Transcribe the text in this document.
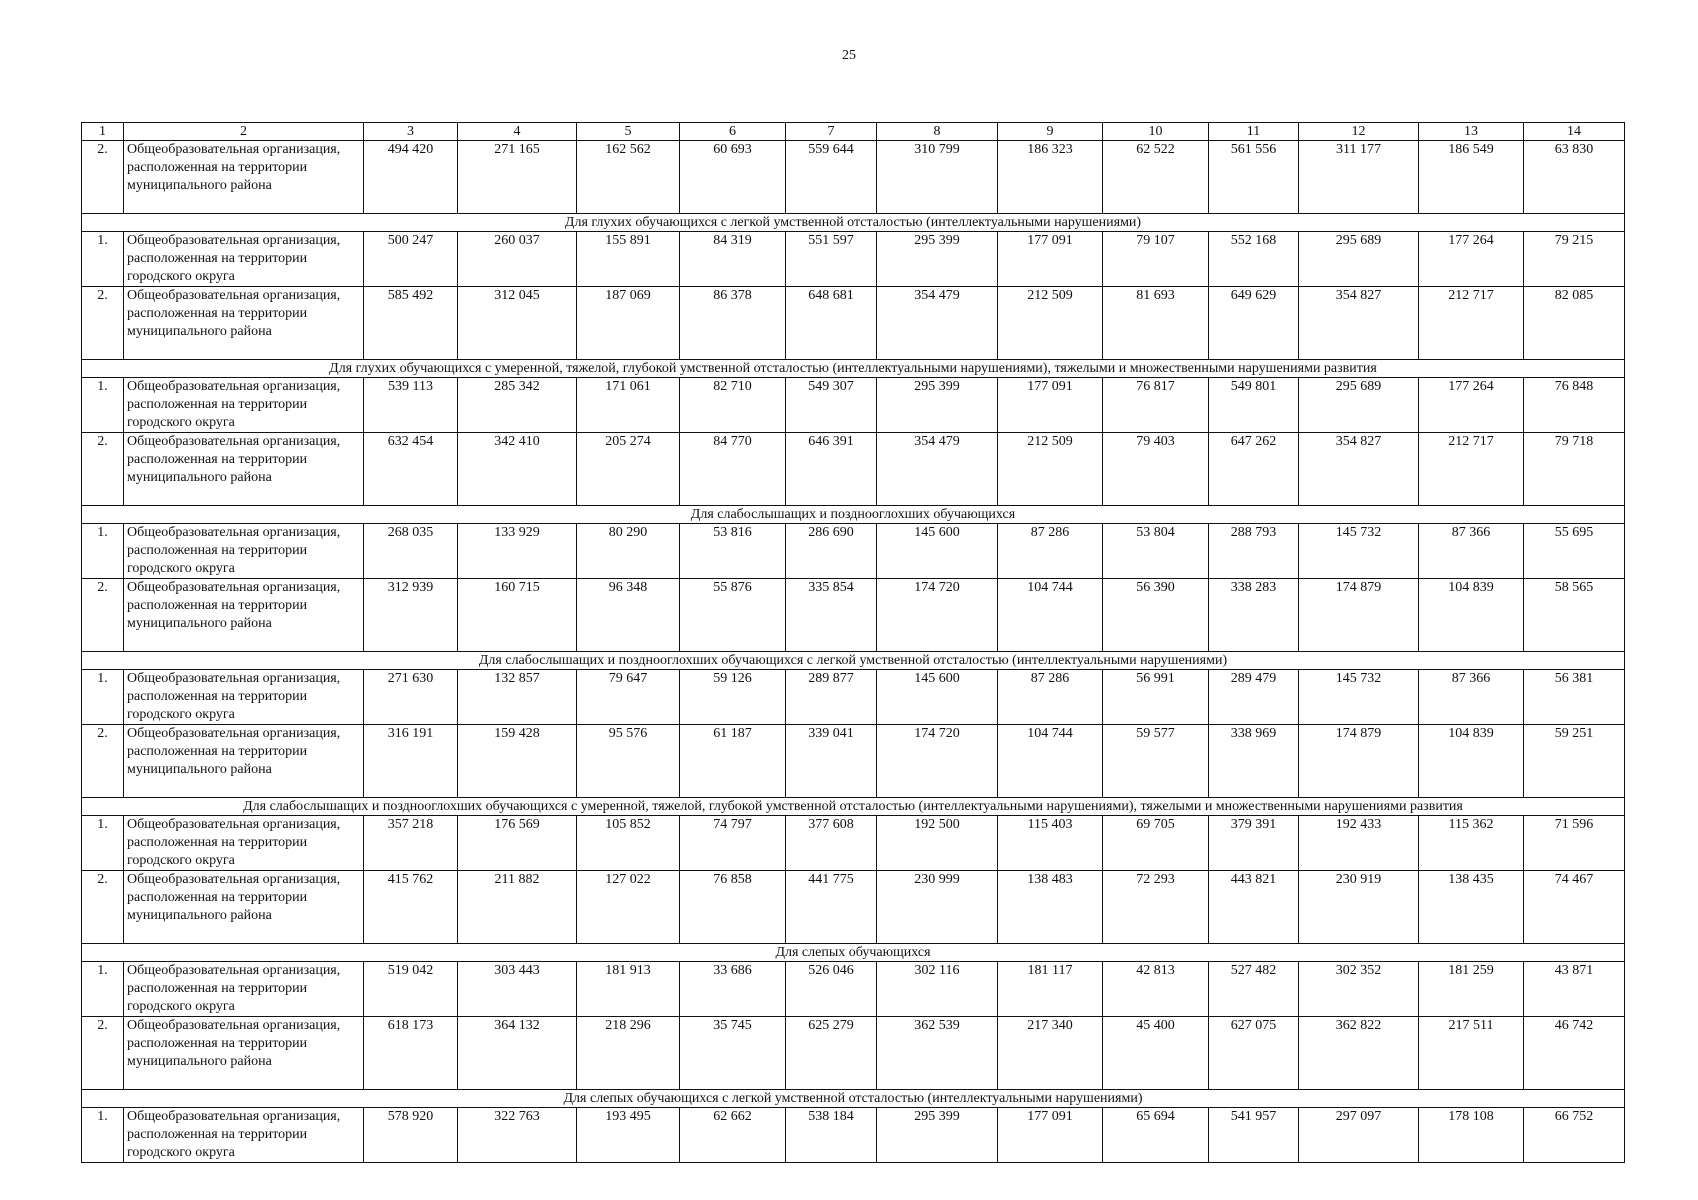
25
1	2	3	4	5	6	7	8	9	10	11	12	13	14
2.	Общеобразовательная организация, расположенная на территории муниципального района	494 420	271 165	162 562	60 693	559 644	310 799	186 323	62 522	561 556	311 177	186 549	63 830
Для глухих обучающихся с легкой умственной отсталостью (интеллектуальными нарушениями)													
1.	Общеобразовательная организация, расположенная на территории городского округа	500 247	260 037	155 891	84 319	551 597	295 399	177 091	79 107	552 168	295 689	177 264	79 215
2.	Общеобразовательная организация, расположенная на территории муниципального района	585 492	312 045	187 069	86 378	648 681	354 479	212 509	81 693	649 629	354 827	212 717	82 085
Для глухих обучающихся с умеренной, тяжелой, глубокой умственной отсталостью (интеллектуальными нарушениями), тяжелыми и множественными нарушениями развития													
1.	Общеобразовательная организация, расположенная на территории городского округа	539 113	285 342	171 061	82 710	549 307	295 399	177 091	76 817	549 801	295 689	177 264	76 848
2.	Общеобразовательная организация, расположенная на территории муниципального района	632 454	342 410	205 274	84 770	646 391	354 479	212 509	79 403	647 262	354 827	212 717	79 718
Для слабослышащих и позднооглохших обучающихся													
1.	Общеобразовательная организация, расположенная на территории городского округа	268 035	133 929	80 290	53 816	286 690	145 600	87 286	53 804	288 793	145 732	87 366	55 695
2.	Общеобразовательная организация, расположенная на территории муниципального района	312 939	160 715	96 348	55 876	335 854	174 720	104 744	56 390	338 283	174 879	104 839	58 565
Для слабослышащих и позднооглохших обучающихся с легкой умственной отсталостью (интеллектуальными нарушениями)													
1.	Общеобразовательная организация, расположенная на территории городского округа	271 630	132 857	79 647	59 126	289 877	145 600	87 286	56 991	289 479	145 732	87 366	56 381
2.	Общеобразовательная организация, расположенная на территории муниципального района	316 191	159 428	95 576	61 187	339 041	174 720	104 744	59 577	338 969	174 879	104 839	59 251
Для слабослышащих и позднооглохших обучающихся с умеренной, тяжелой, глубокой умственной отсталостью (интеллектуальными нарушениями), тяжелыми и множественными нарушениями развития													
1.	Общеобразовательная организация, расположенная на территории городского округа	357 218	176 569	105 852	74 797	377 608	192 500	115 403	69 705	379 391	192 433	115 362	71 596
2.	Общеобразовательная организация, расположенная на территории муниципального района	415 762	211 882	127 022	76 858	441 775	230 999	138 483	72 293	443 821	230 919	138 435	74 467
Для слепых обучающихся													
1.	Общеобразовательная организация, расположенная на территории городского округа	519 042	303 443	181 913	33 686	526 046	302 116	181 117	42 813	527 482	302 352	181 259	43 871
2.	Общеобразовательная организация, расположенная на территории муниципального района	618 173	364 132	218 296	35 745	625 279	362 539	217 340	45 400	627 075	362 822	217 511	46 742
Для слепых обучающихся с легкой умственной отсталостью (интеллектуальными нарушениями)													
1.	Общеобразовательная организация, расположенная на территории городского округа	578 920	322 763	193 495	62 662	538 184	295 399	177 091	65 694	541 957	297 097	178 108	66 752
